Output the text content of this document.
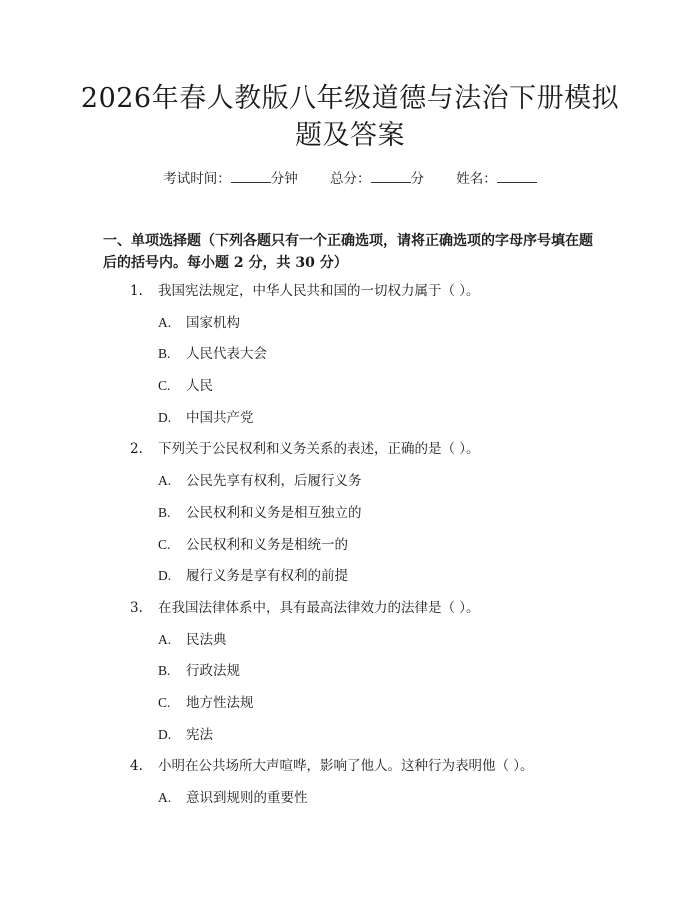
2026年春人教版八年级道德与法治下册模拟
题及答案
考试时间：	分钟 总分：	分 姓名：
一、单项选择题（下列各题只有一个正确选项，请将正确选项的字母序号填在题后的括号内。每小题 2 分，共 30 分）
1. 我国宪法规定，中华人民共和国的一切权力属于（ ）。
A. 国家机构
B. 人民代表大会
C. 人民
D. 中国共产党
2. 下列关于公民权利和义务关系的表述，正确的是（ ）。
A. 公民先享有权利，后履行义务
B. 公民权利和义务是相互独立的
C. 公民权利和义务是相统一的
D. 履行义务是享有权利的前提
3. 在我国法律体系中，具有最高法律效力的法律是（ ）。
A. 民法典
B. 行政法规
C. 地方性法规
D. 宪法
4. 小明在公共场所大声喧哗，影响了他人。这种行为表明他（ ）。
A. 意识到规则的重要性
